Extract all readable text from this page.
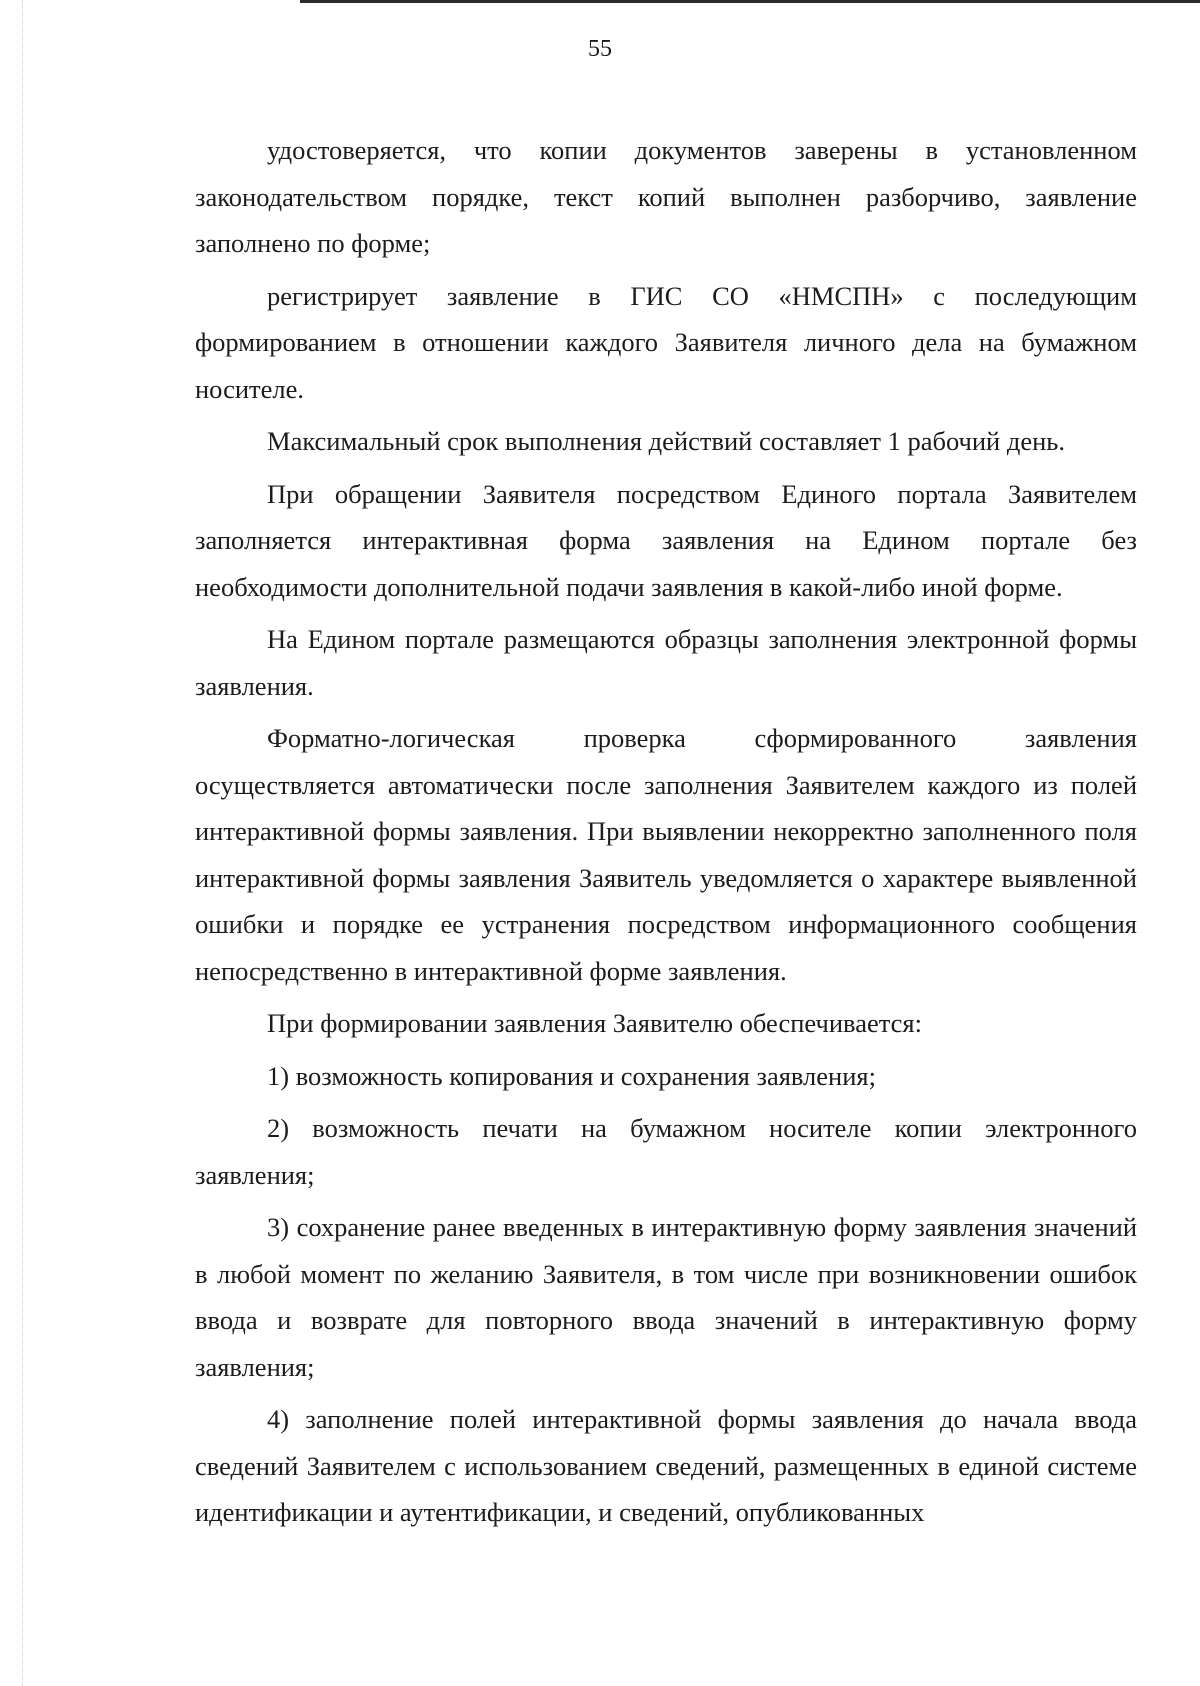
55

удостоверяется, что копии документов заверены в установленном законодательством порядке, текст копий выполнен разборчиво, заявление заполнено по форме;

регистрирует заявление в ГИС СО «НМСПН» с последующим формированием в отношении каждого Заявителя личного дела на бумажном носителе.

Максимальный срок выполнения действий составляет 1 рабочий день.

При обращении Заявителя посредством Единого портала Заявителем заполняется интерактивная форма заявления на Едином портале без необходимости дополнительной подачи заявления в какой-либо иной форме.

На Едином портале размещаются образцы заполнения электронной формы заявления.

Форматно-логическая проверка сформированного заявления осуществляется автоматически после заполнения Заявителем каждого из полей интерактивной формы заявления. При выявлении некорректно заполненного поля интерактивной формы заявления Заявитель уведомляется о характере выявленной ошибки и порядке ее устранения посредством информационного сообщения непосредственно в интерактивной форме заявления.

При формировании заявления Заявителю обеспечивается:

1) возможность копирования и сохранения заявления;

2) возможность печати на бумажном носителе копии электронного заявления;

3) сохранение ранее введенных в интерактивную форму заявления значений в любой момент по желанию Заявителя, в том числе при возникновении ошибок ввода и возврате для повторного ввода значений в интерактивную форму заявления;

4) заполнение полей интерактивной формы заявления до начала ввода сведений Заявителем с использованием сведений, размещенных в единой системе идентификации и аутентификации, и сведений, опубликованных
